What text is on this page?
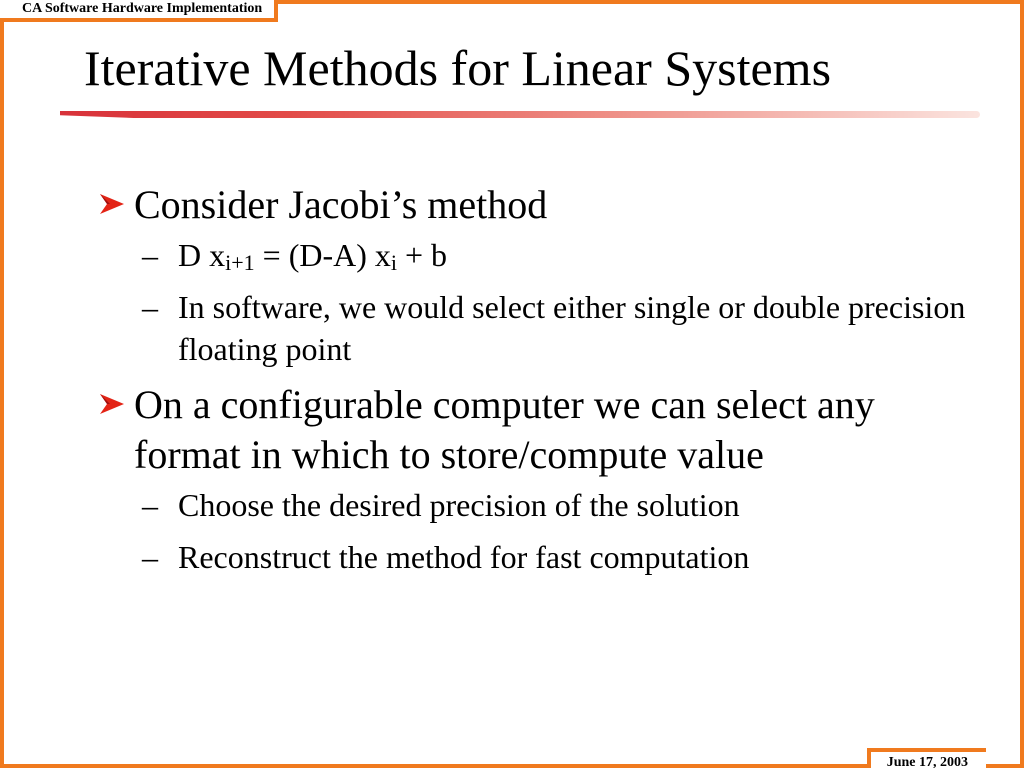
CA Software Hardware Implementation
Iterative Methods for Linear Systems
Consider Jacobi’s method
– D $x_{i+1} = (D-A) x_i + b$
– In software, we would select either single or double precision floating point
On a configurable computer we can select any format in which to store/compute value
– Choose the desired precision of the solution
– Reconstruct the method for fast computation
June 17, 2003
